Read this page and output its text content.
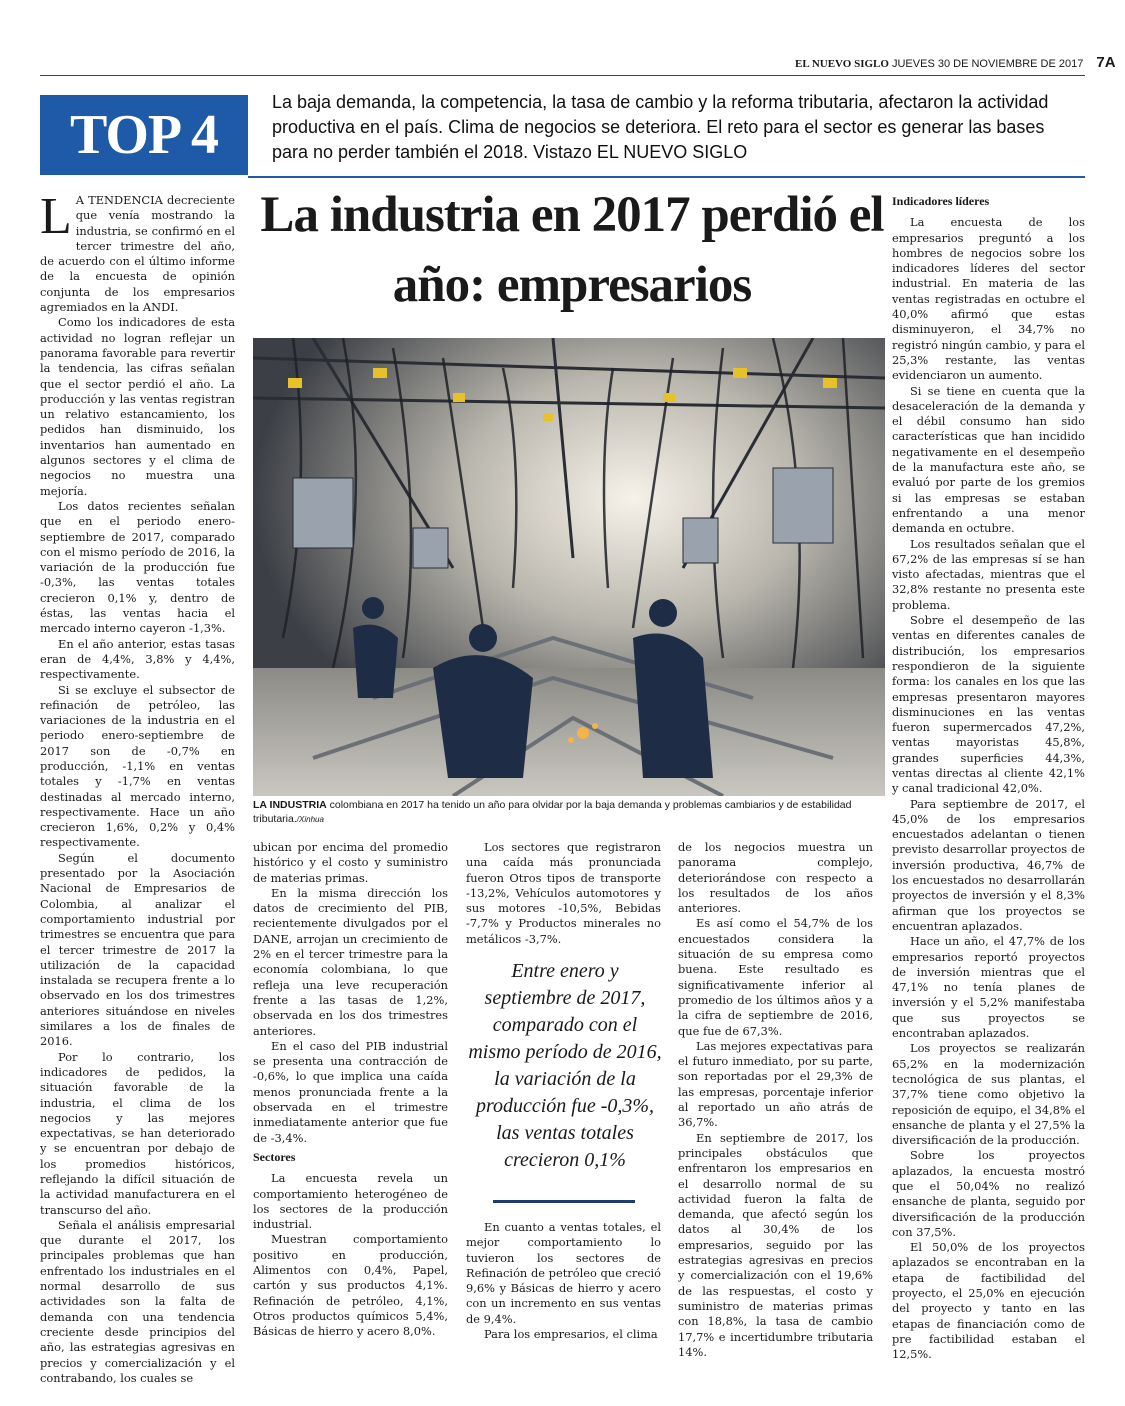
EL NUEVO SIGLO JUEVES 30 DE NOVIEMBRE DE 2017 7A
TOP 4
La baja demanda, la competencia, la tasa de cambio y la reforma tributaria, afectaron la actividad productiva en el país. Clima de negocios se deteriora. El reto para el sector es generar las bases para no perder también el 2018. Vistazo EL NUEVO SIGLO
La industria en 2017 perdió el año: empresarios
LA INDUSTRIA colombiana en 2017 ha tenido un año para olvidar por la baja demanda y problemas cambiarios y de estabilidad tributaria./Xinhua

L A TENDENCIA decreciente que venía mostrando la industria, se confirmó en el tercer trimestre del año, de acuerdo con el último informe de la encuesta de opinión conjunta de los empresarios agremiados en la ANDI.

Como los indicadores de esta actividad no logran reflejar un panorama favorable para revertir la tendencia, las cifras señalan que el sector perdió el año. La producción y las ventas registran un relativo estancamiento, los pedidos han disminuido, los inventarios han aumentado en algunos sectores y el clima de negocios no muestra una mejoría.

Los datos recientes señalan que en el periodo enero-septiembre de 2017, comparado con el mismo período de 2016, la variación de la producción fue -0,3%, las ventas totales crecieron 0,1% y, dentro de éstas, las ventas hacia el mercado interno cayeron -1,3%.

En el año anterior, estas tasas eran de 4,4%, 3,8% y 4,4%, respectivamente.

Si se excluye el subsector de refinación de petróleo, las variaciones de la industria en el periodo enero-septiembre de 2017 son de -0,7% en producción, -1,1% en ventas totales y -1,7% en ventas destinadas al mercado interno, respectivamente. Hace un año crecieron 1,6%, 0,2% y 0,4% respectivamente.

Según el documento presentado por la Asociación Nacional de Empresarios de Colombia, al analizar el comportamiento industrial por trimestres se encuentra que para el tercer trimestre de 2017 la utilización de la capacidad instalada se recupera frente a lo observado en los dos trimestres anteriores situándose en niveles similares a los de finales de 2016.

Por lo contrario, los indicadores de pedidos, la situación favorable de la industria, el clima de los negocios y las mejores expectativas, se han deteriorado y se encuentran por debajo de los promedios históricos, reflejando la difícil situación de la actividad manufacturera en el transcurso del año.

Señala el análisis empresarial que durante el 2017, los principales problemas que han enfrentado los industriales en el normal desarrollo de sus actividades son la falta de demanda con una tendencia creciente desde principios del año, las estrategias agresivas en precios y comercialización y el contrabando, los cuales se

ubican por encima del promedio histórico y el costo y suministro de materias primas.

En la misma dirección los datos de crecimiento del PIB, recientemente divulgados por el DANE, arrojan un crecimiento de 2% en el tercer trimestre para la economía colombiana, lo que refleja una leve recuperación frente a las tasas de 1,2%, observada en los dos trimestres anteriores.

En el caso del PIB industrial se presenta una contracción de -0,6%, lo que implica una caída menos pronunciada frente a la observada en el trimestre inmediatamente anterior que fue de -3,4%.

Sectores

La encuesta revela un comportamiento heterogéneo de los sectores de la producción industrial.

Muestran comportamiento positivo en producción, Alimentos con 0,4%, Papel, cartón y sus productos 4,1%. Refinación de petróleo, 4,1%, Otros productos químicos 5,4%, Básicas de hierro y acero 8,0%.

Los sectores que registraron una caída más pronunciada fueron Otros tipos de transporte -13,2%, Vehículos automotores y sus motores -10,5%, Bebidas -7,7% y Productos minerales no metálicos -3,7%.

Entre enero y septiembre de 2017, comparado con el mismo período de 2016, la variación de la producción fue -0,3%, las ventas totales crecieron 0,1%

En cuanto a ventas totales, el mejor comportamiento lo tuvieron los sectores de Refinación de petróleo que creció 9,6% y Básicas de hierro y acero con un incremento en sus ventas de 9,4%.

Para los empresarios, el clima

de los negocios muestra un panorama complejo, deteriorándose con respecto a los resultados de los años anteriores.

Es así como el 54,7% de los encuestados considera la situación de su empresa como buena. Este resultado es significativamente inferior al promedio de los últimos años y a la cifra de septiembre de 2016, que fue de 67,3%.

Las mejores expectativas para el futuro inmediato, por su parte, son reportadas por el 29,3% de las empresas, porcentaje inferior al reportado un año atrás de 36,7%.

En septiembre de 2017, los principales obstáculos que enfrentaron los empresarios en el desarrollo normal de su actividad fueron la falta de demanda, que afectó según los datos al 30,4% de los empresarios, seguido por las estrategias agresivas en precios y comercialización con el 19,6% de las respuestas, el costo y suministro de materias primas con 18,8%, la tasa de cambio 17,7% e incertidumbre tributaria 14%.

Indicadores líderes

La encuesta de los empresarios preguntó a los hombres de negocios sobre los indicadores líderes del sector industrial. En materia de las ventas registradas en octubre el 40,0% afirmó que estas disminuyeron, el 34,7% no registró ningún cambio, y para el 25,3% restante, las ventas evidenciaron un aumento.

Si se tiene en cuenta que la desaceleración de la demanda y el débil consumo han sido características que han incidido negativamente en el desempeño de la manufactura este año, se evaluó por parte de los gremios si las empresas se estaban enfrentando a una menor demanda en octubre.

Los resultados señalan que el 67,2% de las empresas sí se han visto afectadas, mientras que el 32,8% restante no presenta este problema.

Sobre el desempeño de las ventas en diferentes canales de distribución, los empresarios respondieron de la siguiente forma: los canales en los que las empresas presentaron mayores disminuciones en las ventas fueron supermercados 47,2%, ventas mayoristas 45,8%, grandes superficies 44,3%, ventas directas al cliente 42,1% y canal tradicional 42,0%.

Para septiembre de 2017, el 45,0% de los empresarios encuestados adelantan o tienen previsto desarrollar proyectos de inversión productiva, 46,7% de los encuestados no desarrollarán proyectos de inversión y el 8,3% afirman que los proyectos se encuentran aplazados.

Hace un año, el 47,7% de los empresarios reportó proyectos de inversión mientras que el 47,1% no tenía planes de inversión y el 5,2% manifestaba que sus proyectos se encontraban aplazados.

Los proyectos se realizarán 65,2% en la modernización tecnológica de sus plantas, el 37,7% tiene como objetivo la reposición de equipo, el 34,8% el ensanche de planta y el 27,5% la diversificación de la producción.

Sobre los proyectos aplazados, la encuesta mostró que el 50,04% no realizó ensanche de planta, seguido por diversificación de la producción con 37,5%.

El 50,0% de los proyectos aplazados se encontraban en la etapa de factibilidad del proyecto, el 25,0% en ejecución del proyecto y tanto en las etapas de financiación como de pre factibilidad estaban el 12,5%.
